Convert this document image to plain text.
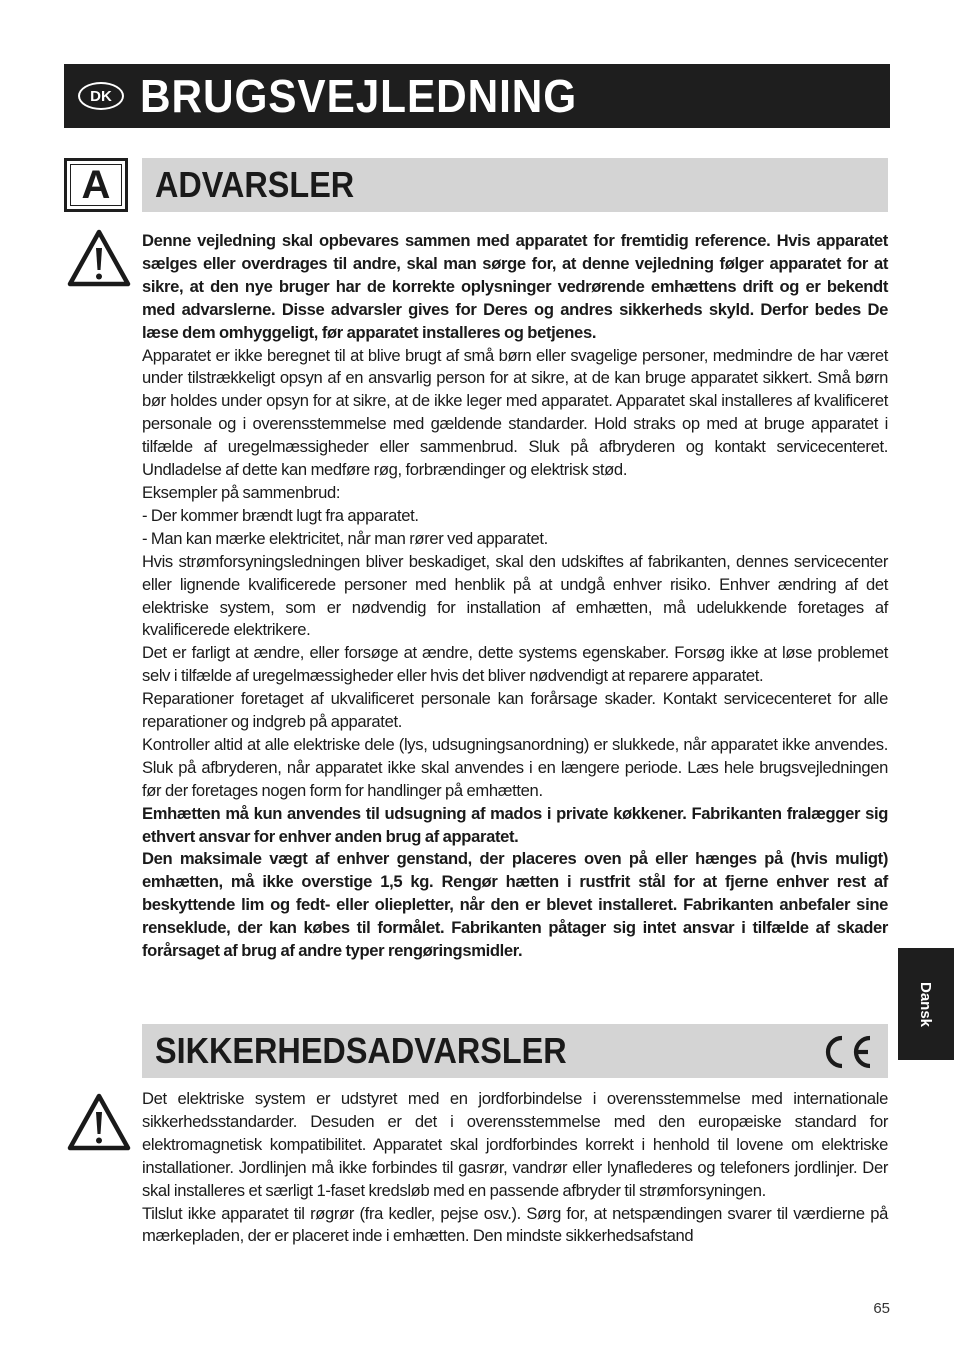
DK BRUGSVEJLEDNING
A	ADVARSLER

Denne vejledning skal opbevares sammen med apparatet for fremtidig reference. Hvis apparatet sælges eller overdrages til andre, skal man sørge for, at denne vejledning følger apparatet for at sikre, at den nye bruger har de korrekte oplysninger vedrørende emhættens drift og er bekendt med advarslerne. Disse advarsler gives for Deres og andres sikkerheds skyld. Derfor bedes De læse dem omhyggeligt, før apparatet installeres og betjenes.

Apparatet er ikke beregnet til at blive brugt af små børn eller svagelige personer, medmindre de har været under tilstrækkeligt opsyn af en ansvarlig person for at sikre, at de kan bruge apparatet sikkert. Små børn bør holdes under opsyn for at sikre, at de ikke leger med apparatet. Apparatet skal installeres af kvalificeret personale og i overensstemmelse med gældende standarder. Hold straks op med at bruge apparatet i tilfælde af uregelmæssigheder eller sammenbrud. Sluk på afbryderen og kontakt servicecenteret. Undladelse af dette kan medføre røg, forbrændinger og elektrisk stød.

Eksempler på sammenbrud:

- Der kommer brændt lugt fra apparatet.

- Man kan mærke elektricitet, når man rører ved apparatet.

Hvis strømforsyningsledningen bliver beskadiget, skal den udskiftes af fabrikanten, dennes servicecenter eller lignende kvalificerede personer med henblik på at undgå enhver risiko. Enhver ændring af det elektriske system, som er nødvendig for installation af emhætten, må udelukkende foretages af kvalificerede elektrikere.

Det er farligt at ændre, eller forsøge at ændre, dette systems egenskaber. Forsøg ikke at løse problemet selv i tilfælde af uregelmæssigheder eller hvis det bliver nødvendigt at reparere apparatet.

Reparationer foretaget af ukvalificeret personale kan forårsage skader. Kontakt servicecenteret for alle reparationer og indgreb på apparatet.

Kontroller altid at alle elektriske dele (lys, udsugningsanordning) er slukkede, når apparatet ikke anvendes. Sluk på afbryderen, når apparatet ikke skal anvendes i en længere periode. Læs hele brugsvejledningen før der foretages nogen form for handlinger på emhætten.

Emhætten må kun anvendes til udsugning af mados i private køkkener. Fabrikanten fralægger sig ethvert ansvar for enhver anden brug af apparatet.

Den maksimale vægt af enhver genstand, der placeres oven på eller hænges på (hvis muligt) emhætten, må ikke overstige 1,5 kg. Rengør hætten i rustfrit stål for at fjerne enhver rest af beskyttende lim og fedt- eller oliepletter, når den er blevet installeret. Fabrikanten anbefaler sine renseklude, der kan købes til formålet. Fabrikanten påtager sig intet ansvar i tilfælde af skader forårsaget af brug af andre typer rengøringsmidler.

SIKKERHEDSADVARSLER

Det elektriske system er udstyret med en jordforbindelse i overensstemmelse med internationale sikkerhedsstandarder. Desuden er det i overensstemmelse med den europæiske standard for elektromagnetisk kompatibilitet. Apparatet skal jordforbindes korrekt i henhold til lovene om elektriske installationer. Jordlinjen må ikke forbindes til gasrør, vandrør eller lynaflederes og telefoners jordlinjer. Der skal installeres et særligt 1-faset kredsløb med en passende afbryder til strømforsyningen.

Tilslut ikke apparatet til røgrør (fra kedler, pejse osv.). Sørg for, at netspændingen svarer til værdierne på mærkepladen, der er placeret inde i emhætten. Den mindste sikkerhedsafstand

Dansk
65
